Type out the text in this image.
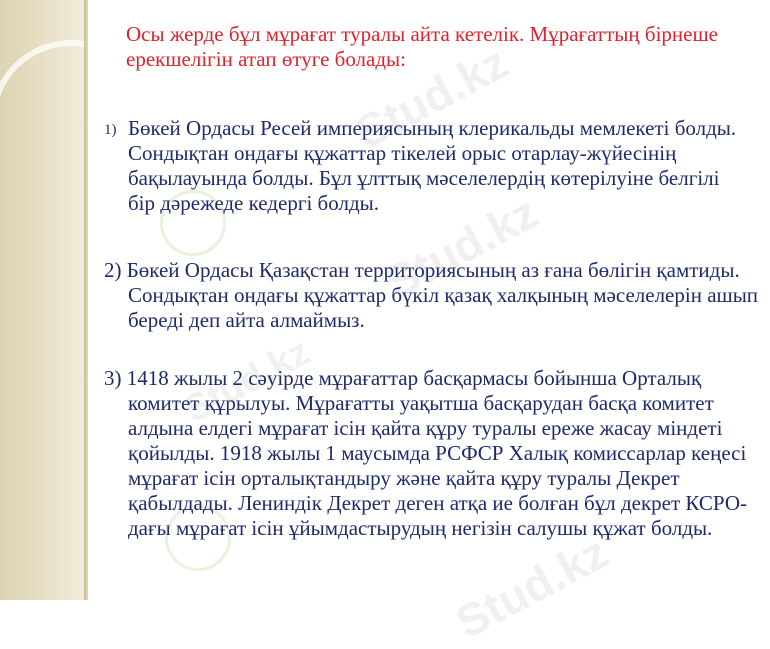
Stud.kz
Stud.kz
Stud.kz
Stud.kz

Осы жерде бұл мұрағат туралы айта кетелік. Мұрағаттың бірнеше ерекшелігін атап өтуге болады:

1) Бөкей Ордасы Ресей империясының клерикальды мемлекеті болды. Сондықтан ондағы құжаттар тікелей орыс отарлау-жүйесінің бақылауында болды. Бұл ұлттық мәселелердің көтерілуіне белгілі бір дәрежеде кедергі болды.
2) Бөкей Ордасы Қазақстан территориясының аз ғана бөлігін қамтиды. Сондықтан ондағы құжаттар бүкіл қазақ халқының мәселелерін ашып береді деп айта алмаймыз.
3) 1418 жылы 2 сәуірде мұрағаттар басқармасы бойынша Орталық комитет құрылуы. Мұрағатты уақытша басқарудан басқа комитет алдына елдегі мұрағат ісін қайта құру туралы ереже жасау міндеті қойылды. 1918 жылы 1 маусымда РСФСР Халық комиссарлар кеңесі мұрағат ісін орталықтандыру және қайта құру туралы Декрет қабылдады. Лениндік Декрет деген атқа ие болған бұл декрет КСРО-дағы мұрағат ісін ұйымдастырудың негізін салушы құжат болды.
